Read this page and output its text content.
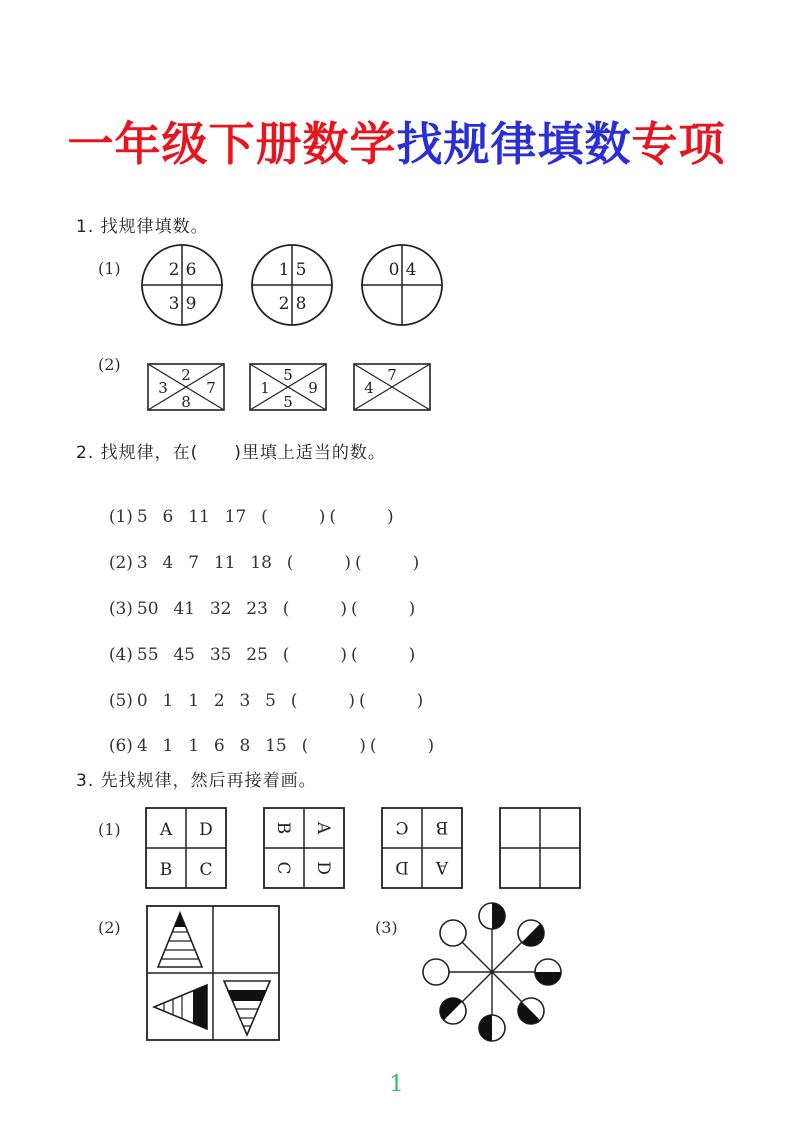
一年级下册数学找规律填数专项
1. 找规律填数。
(1)	2 6
3 9
1 5
2 8
0 4
(2)
2
3	7
8
5
1	9
5
7
4
2. 找规律，在(　　)里填上适当的数。

(1) 5 6 11 17 (　　　) (　　　)

(2) 3 4 7 11 18 (　　　) (　　　)

(3) 50 41 32 23 (　　　) (　　　)

(4) 55 45 35 25 (　　　) (　　　)

(5) 0 1 1 2 3 5 (　　　) (　　　)

(6) 4 1 1 6 8 15 (　　　) (　　　)

3. 先找规律，然后再接着画。
(1) A D
B C
B A
C D
C B
D A
(2)	(3)
1
